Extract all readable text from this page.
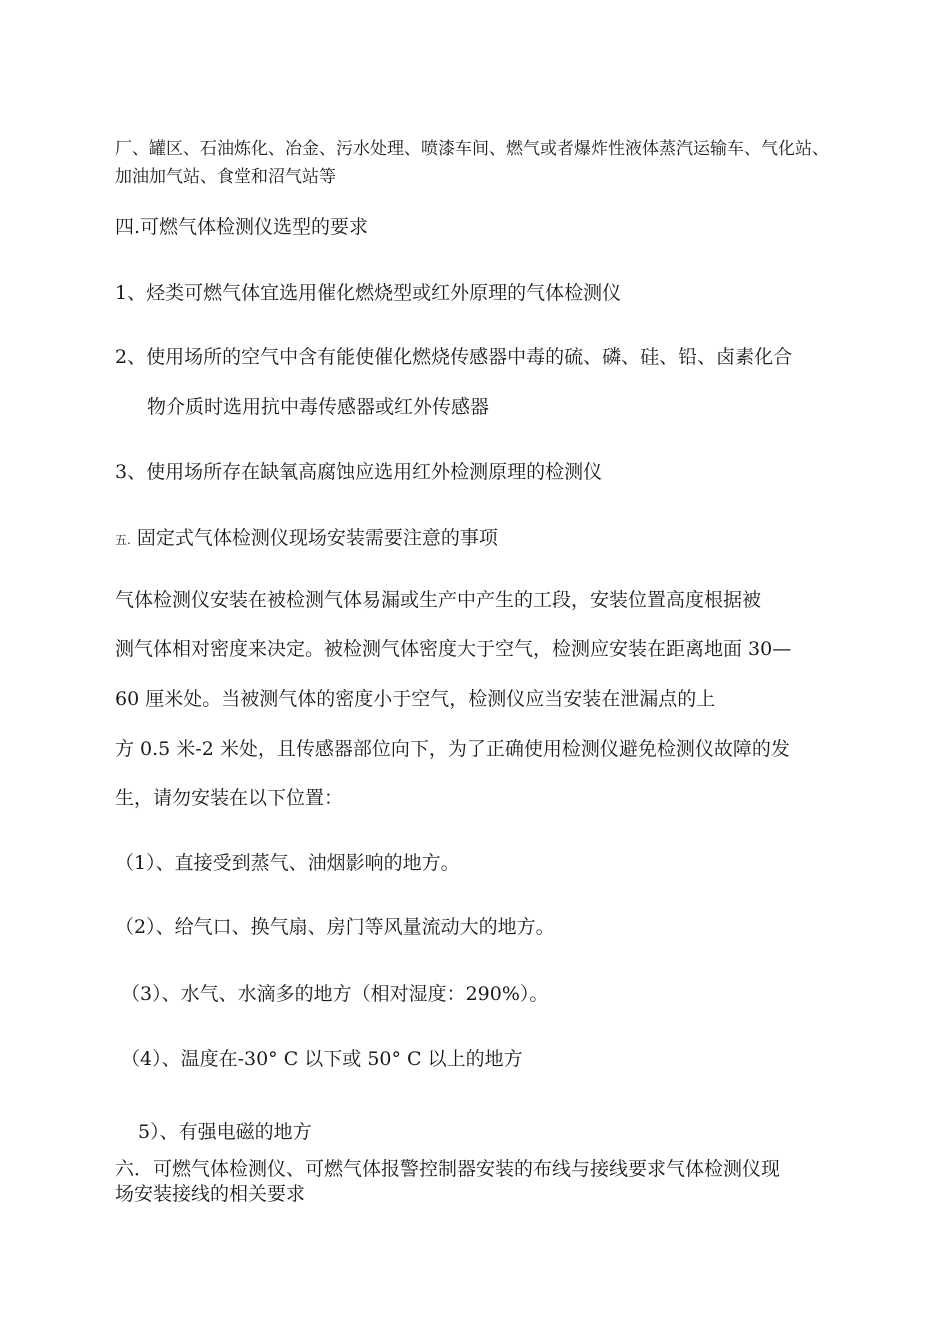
厂、罐区、石油炼化、冶金、污水处理、喷漆车间、燃气或者爆炸性液体蒸汽运输车、气化站、
加油加气站、食堂和沼气站等
四.可燃气体检测仪选型的要求
1、烃类可燃气体宜选用催化燃烧型或红外原理的气体检测仪
2、使用场所的空气中含有能使催化燃烧传感器中毒的硫、磷、硅、铅、卤素化合
物介质时选用抗中毒传感器或红外传感器
3、使用场所存在缺氧高腐蚀应选用红外检测原理的检测仪
五. 固定式气体检测仪现场安装需要注意的事项
气体检测仪安装在被检测气体易漏或生产中产生的工段，安装位置高度根据被
测气体相对密度来决定。被检测气体密度大于空气，检测应安装在距离地面 30—
60 厘米处。当被测气体的密度小于空气，检测仪应当安装在泄漏点的上
方 0.5 米-2 米处，且传感器部位向下，为了正确使用检测仪避免检测仪故障的发
生，请勿安装在以下位置：
（1）、直接受到蒸气、油烟影响的地方。
（2）、给气口、换气扇、房门等风量流动大的地方。
（3）、水气、水滴多的地方（相对湿度：290%）。
（4）、温度在-30° C 以下或 50° C 以上的地方
5）、有强电磁的地方
六．可燃气体检测仪、可燃气体报警控制器安装的布线与接线要求气体检测仪现
场安装接线的相关要求
